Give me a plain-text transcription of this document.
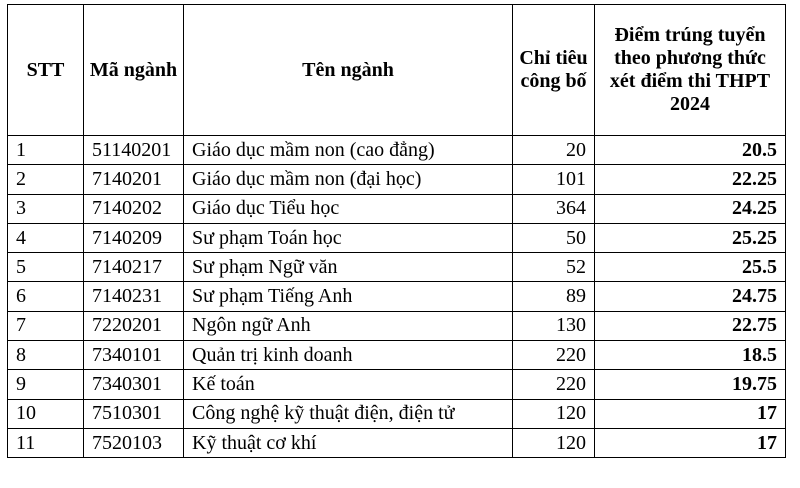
STT	Mã ngành	Tên ngành	Chỉ tiêu công bố	Điểm trúng tuyển theo phương thức xét điểm thi THPT 2024
1	51140201	Giáo dục mầm non (cao đẳng)	20	20.5
2	7140201	Giáo dục mầm non (đại học)	101	22.25
3	7140202	Giáo dục Tiểu học	364	24.25
4	7140209	Sư phạm Toán học	50	25.25
5	7140217	Sư phạm Ngữ văn	52	25.5
6	7140231	Sư phạm Tiếng Anh	89	24.75
7	7220201	Ngôn ngữ Anh	130	22.75
8	7340101	Quản trị kinh doanh	220	18.5
9	7340301	Kế toán	220	19.75
10	7510301	Công nghệ kỹ thuật điện, điện tử	120	17
11	7520103	Kỹ thuật cơ khí	120	17
